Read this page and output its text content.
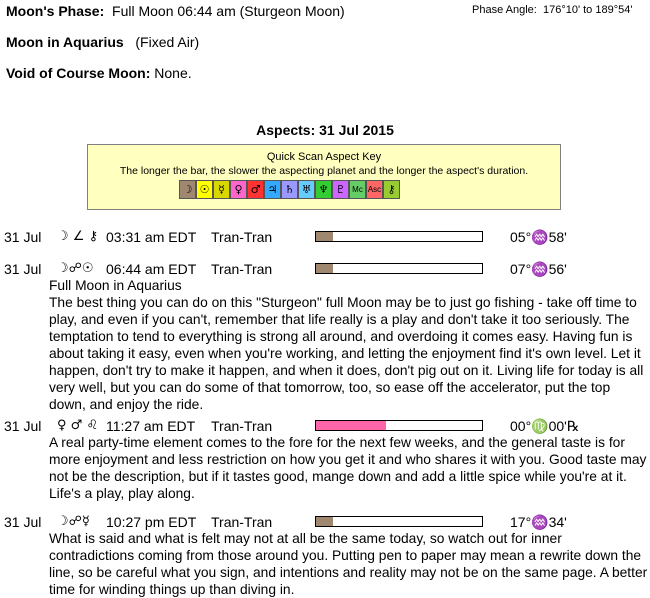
Moon's Phase: Full Moon 06:44 am (Sturgeon Moon)	Phase Angle: 176°10' to 189°54'
Moon in Aquarius (Fixed Air)
Void of Course Moon: None.
Aspects: 31 Jul 2015
Quick Scan Aspect Key
The longer the bar, the slower the aspecting planet and the longer the aspect's duration.
☽ ☉ ☿ ♀ ♂ ♃ ♄ ♅ ♆ ♇ Mc Asc ⚷
31 Jul ☽ ∠ ⚷ 03:31 am EDT Tran-Tran	05°♒58'
31 Jul ☽☍☉ 06:44 am EDT Tran-Tran	07°♒56'

Full Moon in Aquarius

The best thing you can do on this "Sturgeon" full Moon may be to just go fishing - take off time to play, and even if you can't, remember that life really is a play and don't take it too seriously. The temptation to tend to everything is strong all around, and overdoing it comes easy. Having fun is about taking it easy, even when you're working, and letting the enjoyment find it's own level. Let it happen, don't try to make it happen, and when it does, don't pig out on it. Living life for today is all very well, but you can do some of that tomorrow, too, so ease off the accelerator, put the top down, and enjoy the ride.

31 Jul ♀ ♂ ♌ 11:27 am EDT Tran-Tran	00°♍00'℞

A real party-time element comes to the fore for the next few weeks, and the general taste is for more enjoyment and less restriction on how you get it and who shares it with you. Good taste may not be the description, but if it tastes good, mange down and add a little spice while you're at it. Life's a play, play along.

31 Jul ☽☍☿ 10:27 pm EDT Tran-Tran	17°♒34'

What is said and what is felt may not at all be the same today, so watch out for inner contradictions coming from those around you. Putting pen to paper may mean a rewrite down the line, so be careful what you sign, and intentions and reality may not be on the same page. A better time for winding things up than diving in.
